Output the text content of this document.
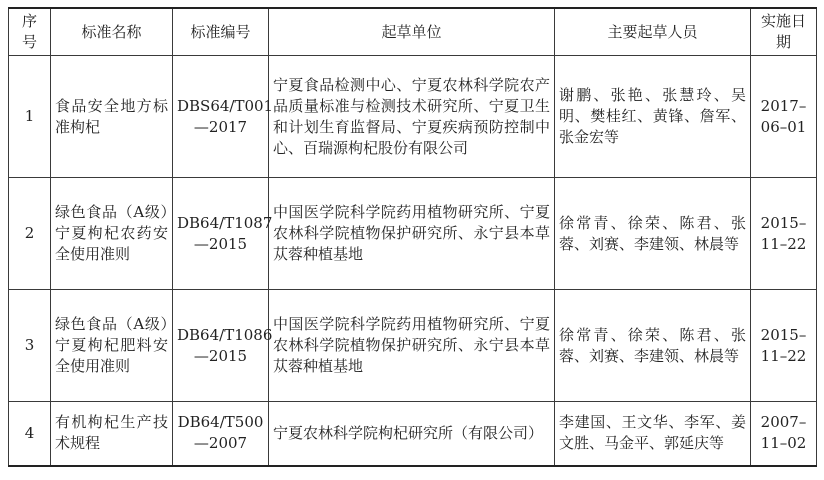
序号	标准名称	标准编号	起草单位	主要起草人员	实施日期
1	食品安全地方标准枸杞	DBS64/T001—2017	宁夏食品检测中心、宁夏农林科学院农产品质量标准与检测技术研究所、宁夏卫生和计划生育监督局、宁夏疾病预防控制中心、百瑞源枸杞股份有限公司	谢鹏、张艳、张慧玲、吴明、樊桂红、黄锋、詹军、张金宏等	2017–06–01
2	绿色食品（A级）宁夏枸杞农药安全使用准则	DB64/T1087—2015	中国医学院科学院药用植物研究所、宁夏农林科学院植物保护研究所、永宁县本草苁蓉种植基地	徐常青、徐荣、陈君、张蓉、刘赛、李建领、林晨等	2015–11–22
3	绿色食品（A级）宁夏枸杞肥料安全使用准则	DB64/T1086—2015	中国医学院科学院药用植物研究所、宁夏农林科学院植物保护研究所、永宁县本草苁蓉种植基地	徐常青、徐荣、陈君、张蓉、刘赛、李建领、林晨等	2015–11–22
4	有机枸杞生产技术规程	DB64/T500—2007	宁夏农林科学院枸杞研究所（有限公司）	李建国、王文华、李军、姜文胜、马金平、郭延庆等	2007–11–02
